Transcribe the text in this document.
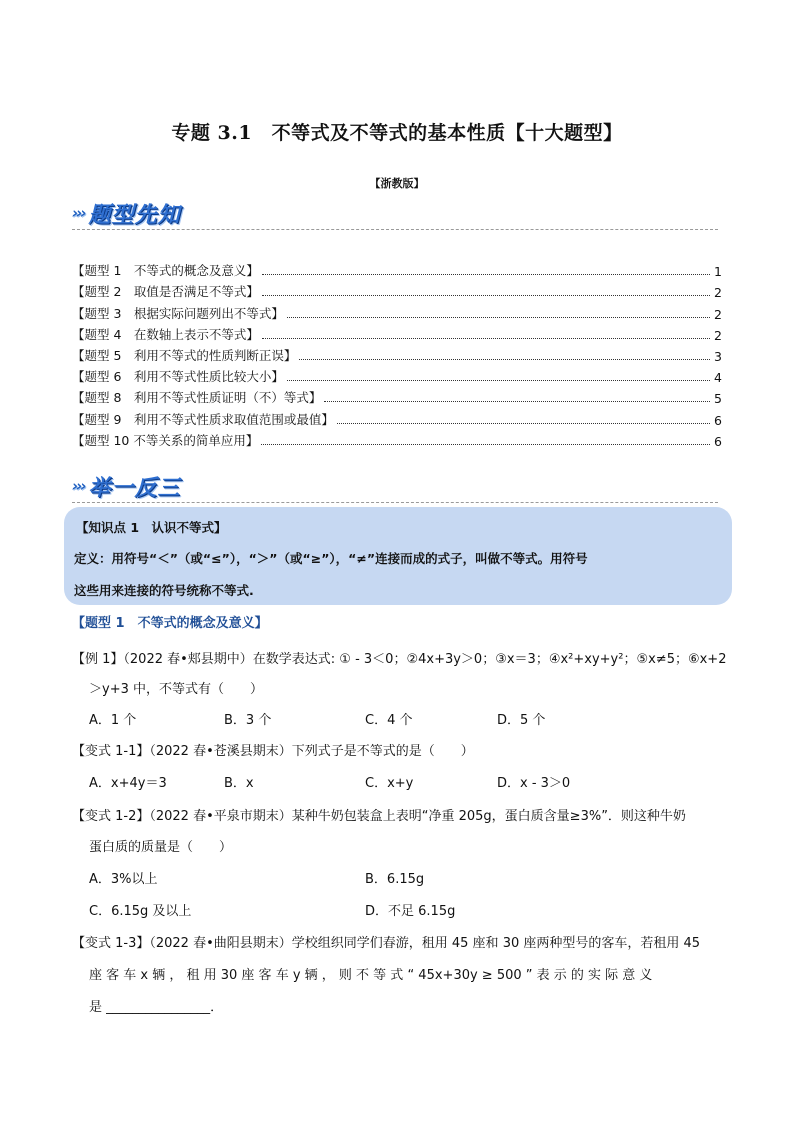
专题 3.1　不等式及不等式的基本性质【十大题型】
【浙教版】
››› 题型先知
【题型 1　不等式的概念及意义】	1
【题型 2　取值是否满足不等式】	2
【题型 3　根据实际问题列出不等式】	2
【题型 4　在数轴上表示不等式】	2
【题型 5　利用不等式的性质判断正误】	3
【题型 6　利用不等式性质比较大小】	4
【题型 8　利用不等式性质证明（不）等式】	5
【题型 9　利用不等式性质求取值范围或最值】	6
【题型 10 不等关系的简单应用】	6
››› 举一反三
【知识点 1　认识不等式】
定义：用符号“＜”（或“≤”），“＞”（或“≥”），“≠”连接而成的式子，叫做不等式。用符号
这些用来连接的符号统称不等式.
【题型 1　不等式的概念及意义】
【例 1】（2022 春•郏县期中）在数学表达式: ① - 3＜0；②4x+3y＞0；③x＝3；④x²+xy+y²；⑤x≠5；⑥x+2
＞y+3 中，不等式有（　　）
A．1 个	B．3 个	C．4 个	D．5 个
【变式 1-1】（2022 春•苍溪县期末）下列式子是不等式的是（　　）
A．x+4y＝3	B．x	C．x+y	D．x - 3＞0
【变式 1-2】（2022 春•平泉市期末）某种牛奶包装盒上表明“净重 205g，蛋白质含量≥3%”．则这种牛奶
蛋白质的质量是（　　）
A．3%以上	B．6.15g
C．6.15g 及以上	D．不足 6.15g
【变式 1-3】（2022 春•曲阳县期末）学校组织同学们春游，租用 45 座和 30 座两种型号的客车，若租用 45
座 客 车 x 辆 ， 租 用 30 座 客 车 y 辆 ， 则 不 等 式 “ 45x+30y ≥ 500 ” 表 示 的 实 际 意 义
是 ________________．
